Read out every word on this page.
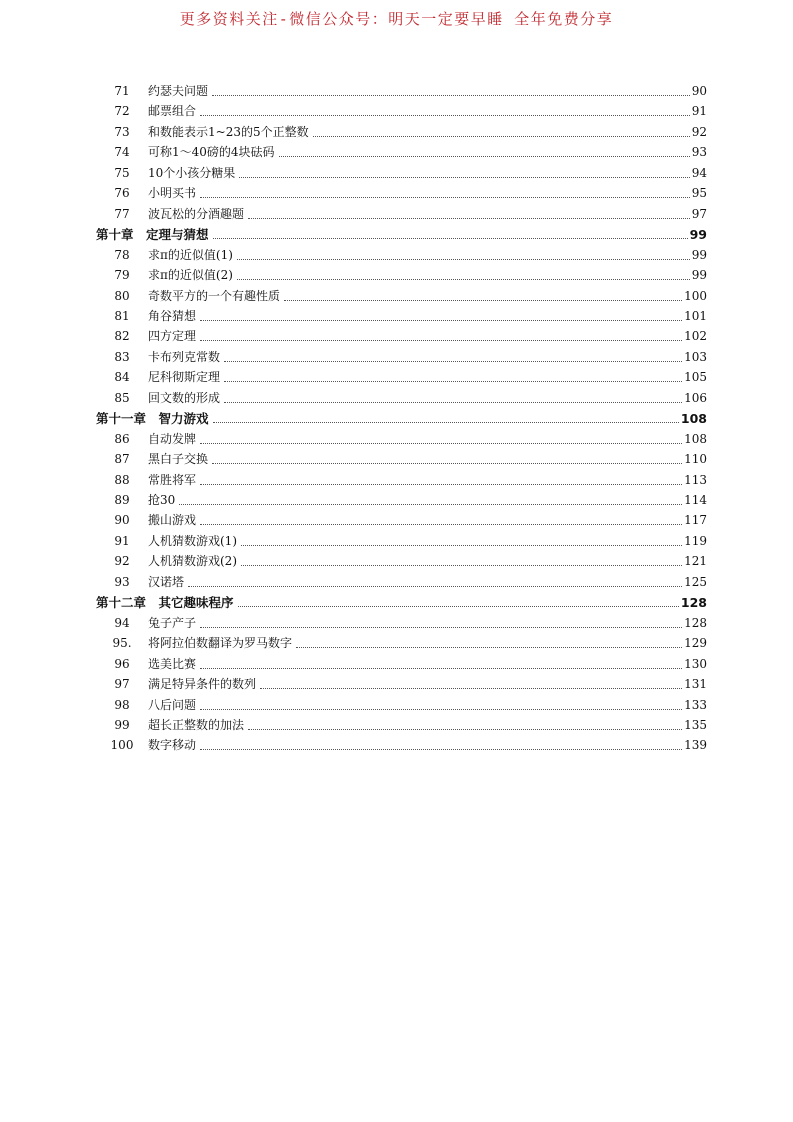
更多资料关注-微信公众号：明天一定要早睡 全年免费分享
71	约瑟夫问题	90
72	邮票组合	91
73	和数能表示1~23的5个正整数	92
74	可称1～40磅的4块砝码	93
75	10个小孩分糖果	94
76	小明买书	95
77	波瓦松的分酒趣题	97
第十章　定理与猜想	99
78	求π的近似值(1)	99
79	求π的近似值(2)	99
80	奇数平方的一个有趣性质	100
81	角谷猜想	101
82	四方定理	102
83	卡布列克常数	103
84	尼科彻斯定理	105
85	回文数的形成	106
第十一章　智力游戏	108
86	自动发牌	108
87	黑白子交换	110
88	常胜将军	113
89	抢30	114
90	搬山游戏	117
91	人机猜数游戏(1)	119
92	人机猜数游戏(2)	121
93	汉诺塔	125
第十二章　其它趣味程序	128
94	兔子产子	128
95.	将阿拉伯数翻译为罗马数字	129
96	选美比赛	130
97	满足特异条件的数列	131
98	八后问题	133
99	超长正整数的加法	135
100	数字移动	139
